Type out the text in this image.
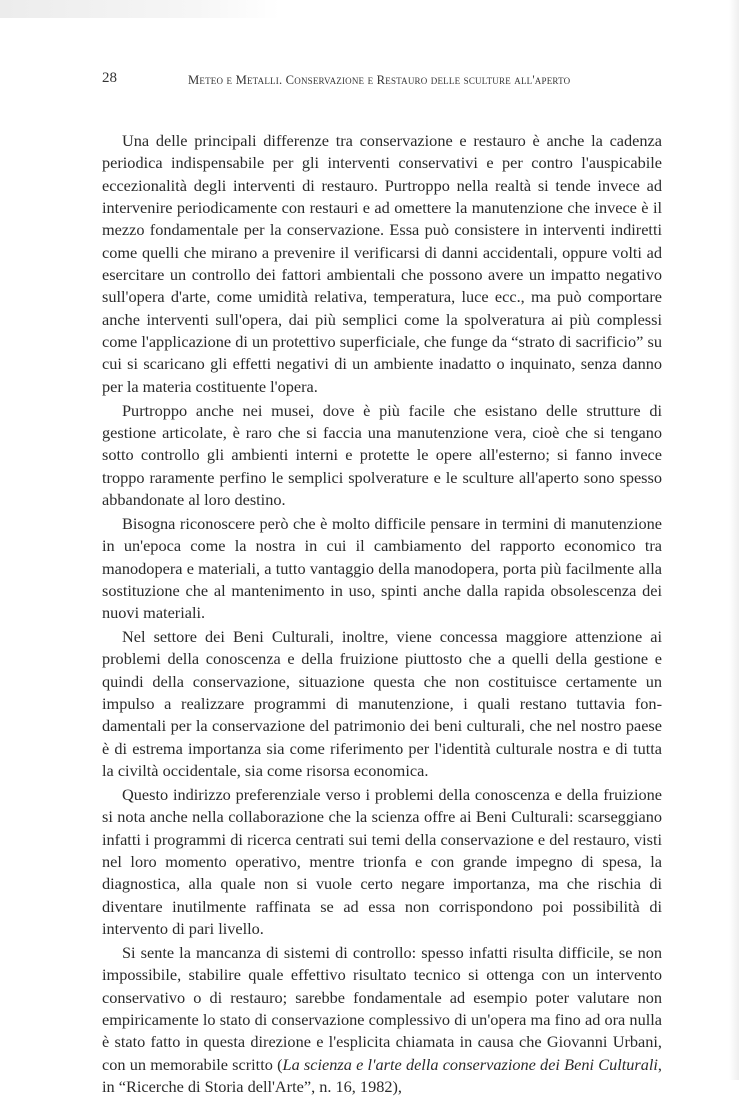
28	Meteo e Metalli. Conservazione e Restauro delle sculture all'aperto

Una delle principali differenze tra conservazione e restauro è anche la cadenza periodica indispensabile per gli interventi conservativi e per contro l'auspicabile eccezionalità degli interventi di restauro. Purtroppo nella realtà si tende invece ad intervenire periodicamente con restauri e ad omettere la manutenzione che invece è il mezzo fondamentale per la conservazione. Essa può consistere in interventi indiretti come quelli che mirano a prevenire il verificarsi di danni accidentali, oppure volti ad esercitare un controllo dei fattori ambientali che possono avere un impatto negativo sull'opera d'arte, come umidità relativa, temperatura, luce ecc., ma può comportare anche interventi sull'opera, dai più semplici come la spolveratura ai più complessi come l'applicazione di un protettivo superficiale, che funge da “strato di sacrificio” su cui si scaricano gli effetti negativi di un ambiente inadatto o inquinato, senza danno per la materia costituente l'opera.

Purtroppo anche nei musei, dove è più facile che esistano delle strutture di gestione articolate, è raro che si faccia una manutenzione vera, cioè che si tengano sotto controllo gli ambienti interni e protette le opere all'esterno; si fanno invece troppo raramente perfino le semplici spolverature e le sculture all'aperto sono spesso abbandonate al loro destino.

Bisogna riconoscere però che è molto difficile pensare in termini di manutenzione in un'epoca come la nostra in cui il cambiamento del rapporto economico tra manodopera e materiali, a tutto vantaggio della manodopera, porta più facilmente alla sostituzione che al mantenimento in uso, spinti anche dalla rapida obsolescenza dei nuovi materiali.

Nel settore dei Beni Culturali, inoltre, viene concessa maggiore attenzione ai problemi della conoscenza e della fruizione piuttosto che a quelli della gestione e quindi della conservazione, situazione questa che non costituisce certamente un impulso a realizzare programmi di manutenzione, i quali restano tuttavia fondamentali per la conservazione del patrimonio dei beni culturali, che nel nostro paese è di estrema importanza sia come riferimento per l'identità culturale nostra e di tutta la civiltà occidentale, sia come risorsa economica.

Questo indirizzo preferenziale verso i problemi della conoscenza e della fruizione si nota anche nella collaborazione che la scienza offre ai Beni Culturali: scarseggiano infatti i programmi di ricerca centrati sui temi della conservazione e del restauro, visti nel loro momento operativo, mentre trionfa e con grande impegno di spesa, la diagnostica, alla quale non si vuole certo negare importanza, ma che rischia di diventare inutilmente raffinata se ad essa non corrispondono poi possibilità di intervento di pari livello.

Si sente la mancanza di sistemi di controllo: spesso infatti risulta difficile, se non impossibile, stabilire quale effettivo risultato tecnico si ottenga con un intervento conservativo o di restauro; sarebbe fondamentale ad esempio poter valutare non empiricamente lo stato di conservazione complessivo di un'opera ma fino ad ora nulla è stato fatto in questa direzione e l'esplicita chiamata in causa che Giovanni Urbani, con un memorabile scritto (La scienza e l'arte della conservazione dei Beni Culturali, in “Ricerche di Storia dell'Arte”, n. 16, 1982),
